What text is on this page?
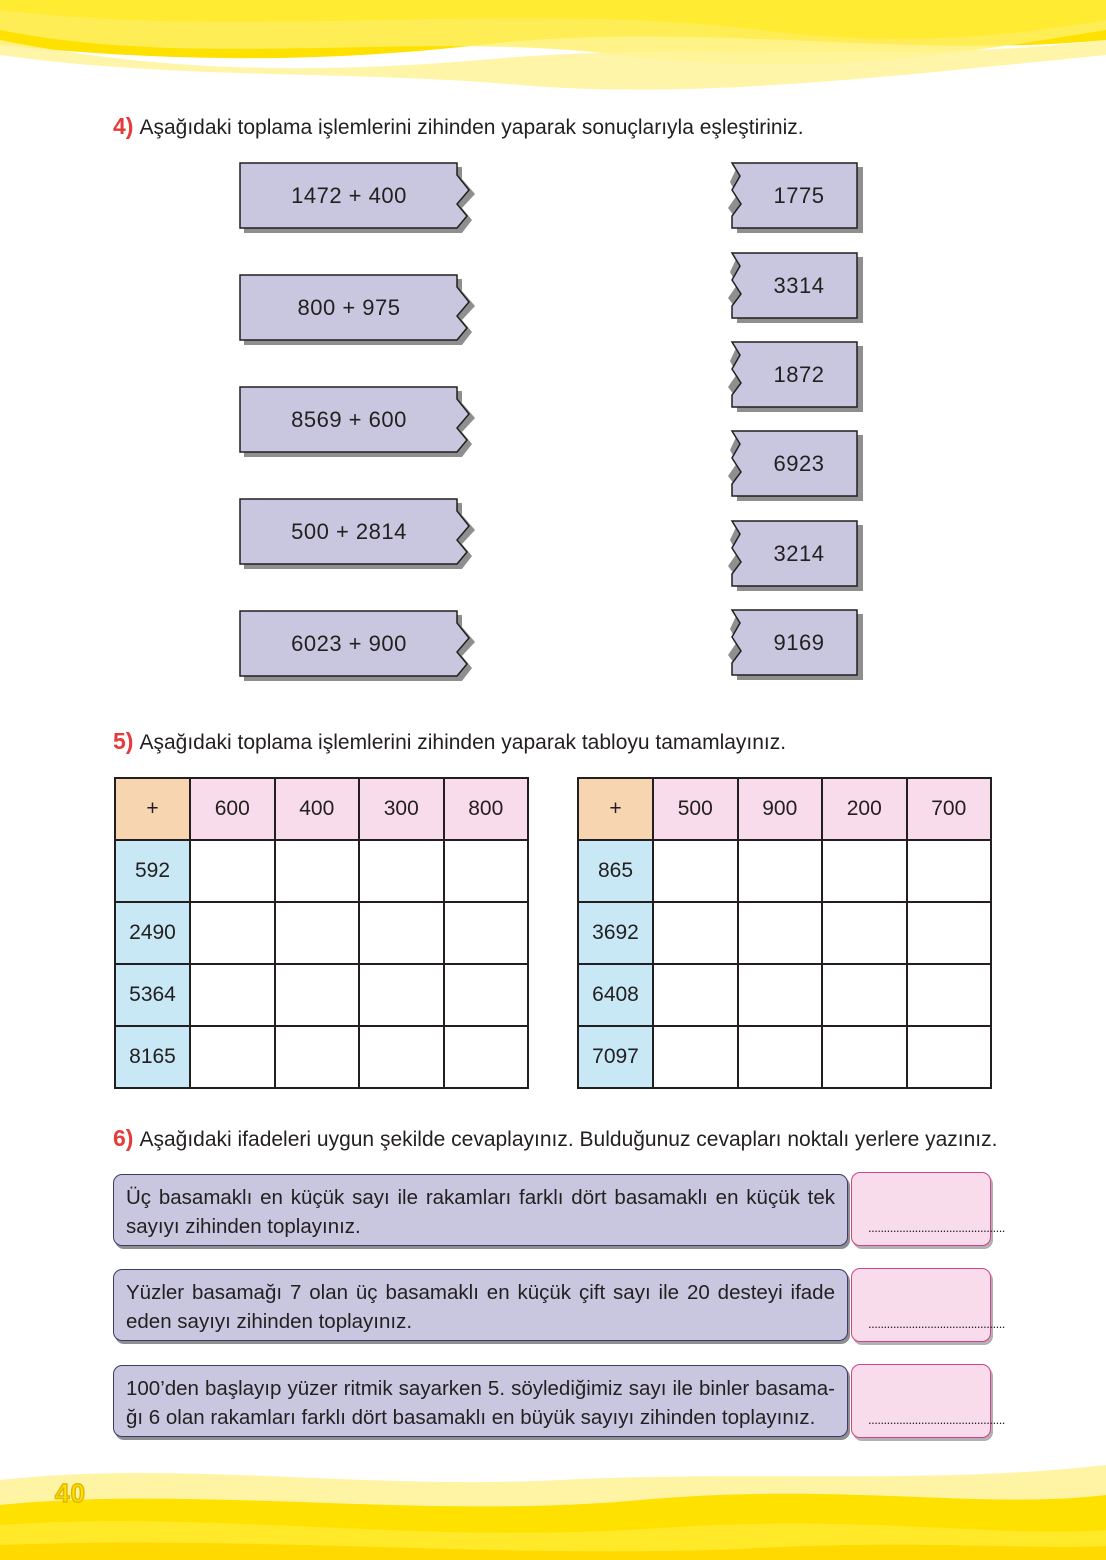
4) Aşağıdaki toplama işlemlerini zihinden yaparak sonuçlarıyla eşleştiriniz.
1472 + 400
800 + 975
8569 + 600
500 + 2814
6023 + 900
1775
3314
1872
6923
3214
9169
5) Aşağıdaki toplama işlemlerini zihinden yaparak tabloyu tamamlayınız.
+	600	400	300	800
592				
2490				
5364				
8165				
+	500	900	200	700
865				
3692				
6408				
7097				
6) Aşağıdaki ifadeleri uygun şekilde cevaplayınız. Bulduğunuz cevapları noktalı yerlere yazınız.
Üç basamaklı en küçük sayı ile rakamları farklı dört basamaklı en küçük tek sayıyı zihinden toplayınız.	............................................
Yüzler basamağı 7 olan üç basamaklı en küçük çift sayı ile 20 desteyi ifade eden sayıyı zihinden toplayınız.	............................................
100’den başlayıp yüzer ritmik sayarken 5. söylediğimiz sayı ile binler basama-ğı 6 olan rakamları farklı dört basamaklı en büyük sayıyı zihinden toplayınız.	............................................
40
